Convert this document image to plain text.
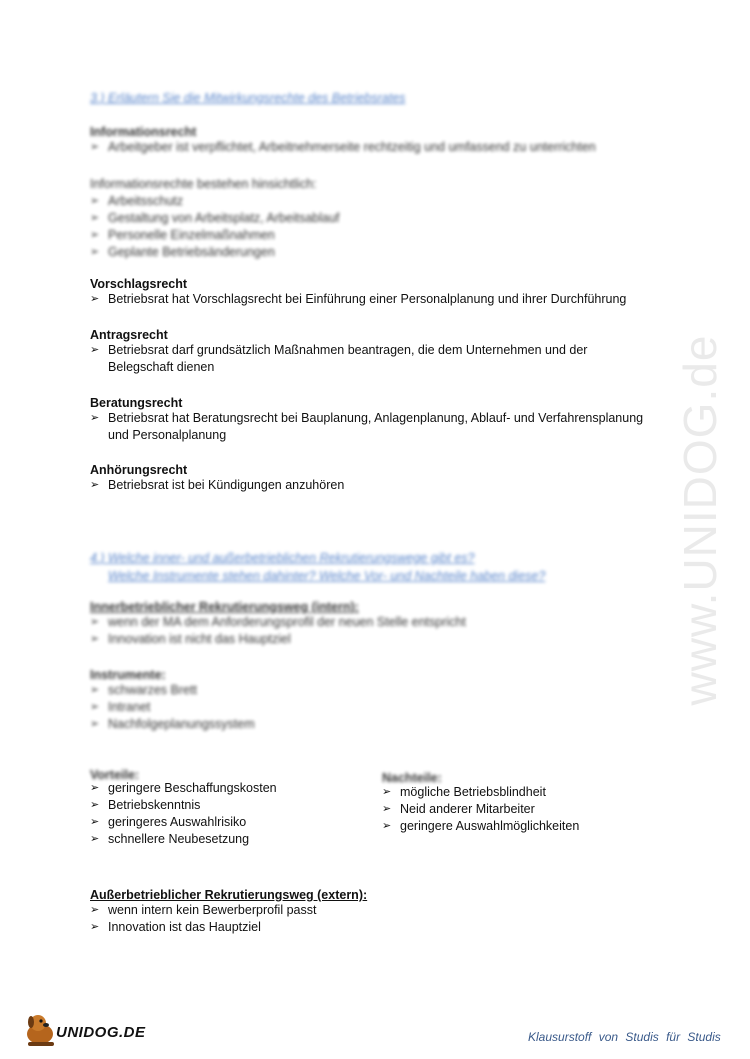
www.UNIDOG.de
3.) Erläutern Sie die Mitwirkungsrechte des Betriebsrates
Informationsrecht
➢ Arbeitgeber ist verpflichtet, Arbeitnehmerseite rechtzeitig und umfassend zu unterrichten
Informationsrechte bestehen hinsichtlich:
➢ Arbeitsschutz
➢ Gestaltung von Arbeitsplatz, Arbeitsablauf
➢ Personelle Einzelmaßnahmen
➢ Geplante Betriebsänderungen
Vorschlagsrecht
➢ Betriebsrat hat Vorschlagsrecht bei Einführung einer Personalplanung und ihrer Durchführung
Antragsrecht
➢ Betriebsrat darf grundsätzlich Maßnahmen beantragen, die dem Unternehmen und der Belegschaft dienen
Beratungsrecht
➢ Betriebsrat hat Beratungsrecht bei Bauplanung, Anlagenplanung, Ablauf- und Verfahrensplanung und Personalplanung
Anhörungsrecht
➢ Betriebsrat ist bei Kündigungen anzuhören
4.) Welche inner- und außerbetrieblichen Rekrutierungswege gibt es?
Welche Instrumente stehen dahinter? Welche Vor- und Nachteile haben diese?
Innerbetrieblicher Rekrutierungsweg (intern):
➢ wenn der MA dem Anforderungsprofil der neuen Stelle entspricht
➢ Innovation ist nicht das Hauptziel
Instrumente:
➢ schwarzes Brett
➢ Intranet
➢ Nachfolgeplanungssystem
Vorteile:
➢ geringere Beschaffungskosten
➢ Betriebskenntnis
➢ geringeres Auswahlrisiko
➢ schnellere Neubesetzung
Nachteile:
➢ mögliche Betriebsblindheit
➢ Neid anderer Mitarbeiter
➢ geringere Auswahlmöglichkeiten
Außerbetrieblicher Rekrutierungsweg (extern):
➢ wenn intern kein Bewerberprofil passt
➢ Innovation ist das Hauptziel
UNIDOG.DE	Klausurstoff von Studis für Studis
